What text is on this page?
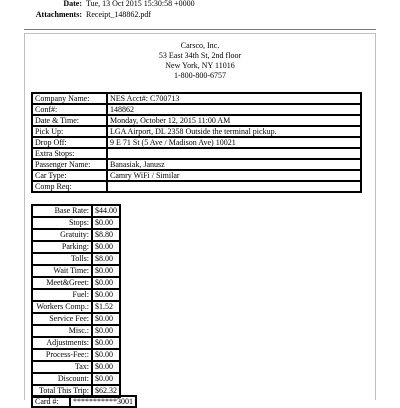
Date: Tue, 13 Oct 2015 15:30:58 +0000
Attachments: Receipt_148862.pdf
Carsco, Inc.
53 East 34th St, 2nd floor
New York, NY 11016
1-800-800-6757
Company Name:	NES Acct#: C700713
Conf#:	148862
Date & Time:	Monday, October 12, 2015 11:00 AM
Pick Up:	LGA Airport, DL 2358 Outside the terminal pickup.
Drop Off:	9 E 71 St (5 Ave / Madison Ave) 10021
Extra Stops:	
Passenger Name:	Banasiak, Janusz
Car Type:	Camry WiFi / Similar
Comp Req:	
Base Rate:	$44.00
Stops:	$0.00
Gratuity:	$8.80
Parking:	$0.00
Tolls:	$8.00
Wait Time:	$0.00
Meet&Greet:	$0.00
Fuel:	$0.00
Workers Comp.:	$1.52
Service Fee:	$0.00
Misc.:	$0.00
Adjustments:	$0.00
Process-Fee::	$0.00
Tax:	$0.00
Discount:	$0.00
Total This Trip:	$62.32
Card #:	***********3001
